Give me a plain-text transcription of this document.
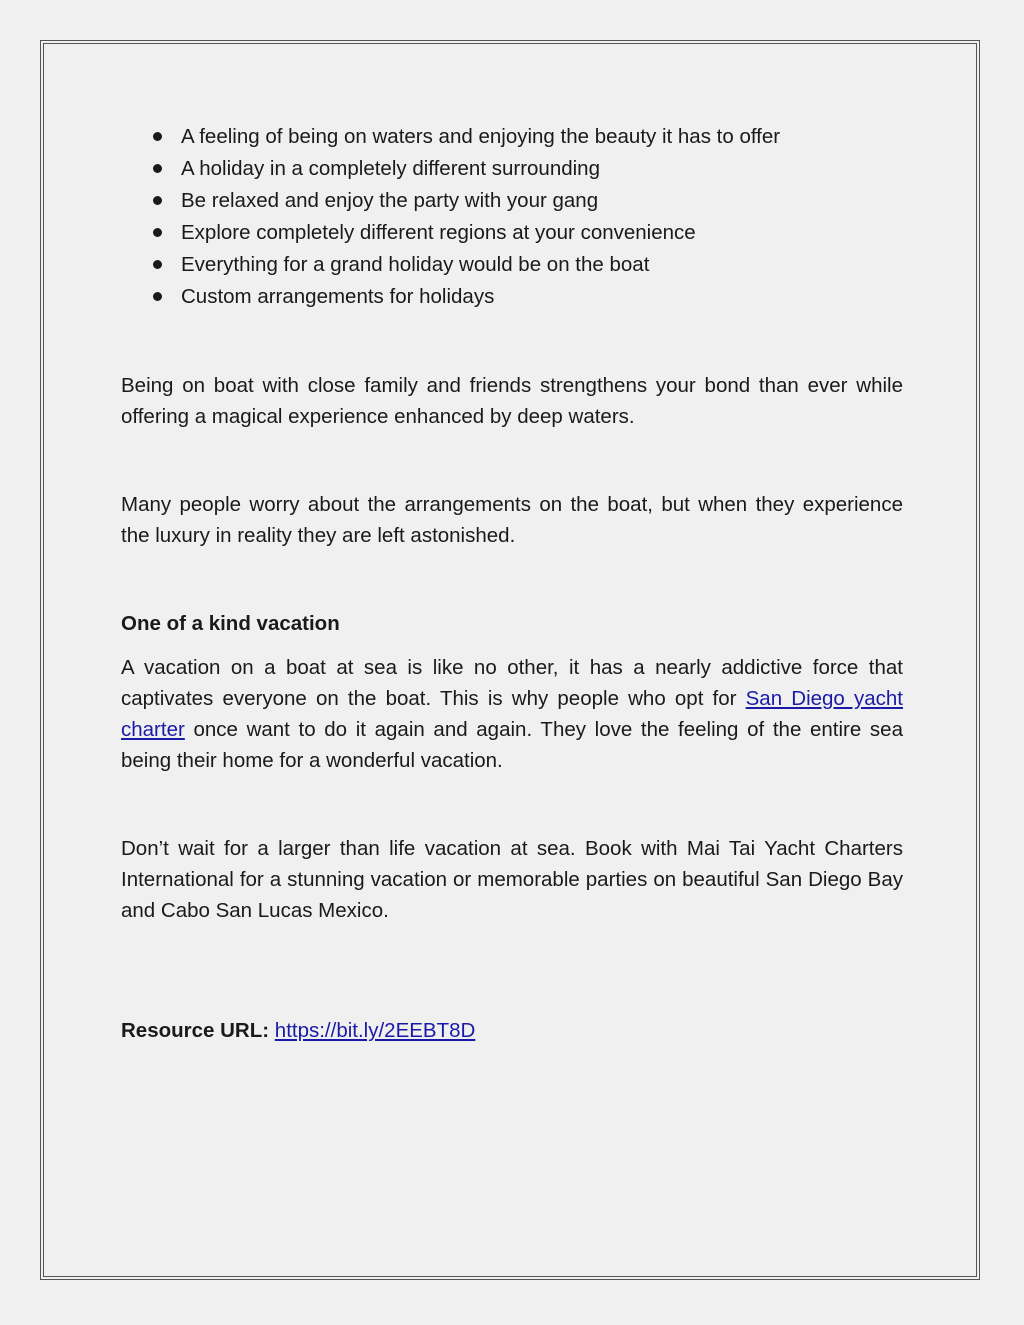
A feeling of being on waters and enjoying the beauty it has to offer
A holiday in a completely different surrounding
Be relaxed and enjoy the party with your gang
Explore completely different regions at your convenience
Everything for a grand holiday would be on the boat
Custom arrangements for holidays

Being on boat with close family and friends strengthens your bond than ever while offering a magical experience enhanced by deep waters.

Many people worry about the arrangements on the boat, but when they experience the luxury in reality they are left astonished.

One of a kind vacation

A vacation on a boat at sea is like no other, it has a nearly addictive force that captivates everyone on the boat. This is why people who opt for San Diego yacht charter once want to do it again and again. They love the feeling of the entire sea being their home for a wonderful vacation.

Don’t wait for a larger than life vacation at sea. Book with Mai Tai Yacht Charters International for a stunning vacation or memorable parties on beautiful San Diego Bay and Cabo San Lucas Mexico.

Resource URL: https://bit.ly/2EEBT8D
